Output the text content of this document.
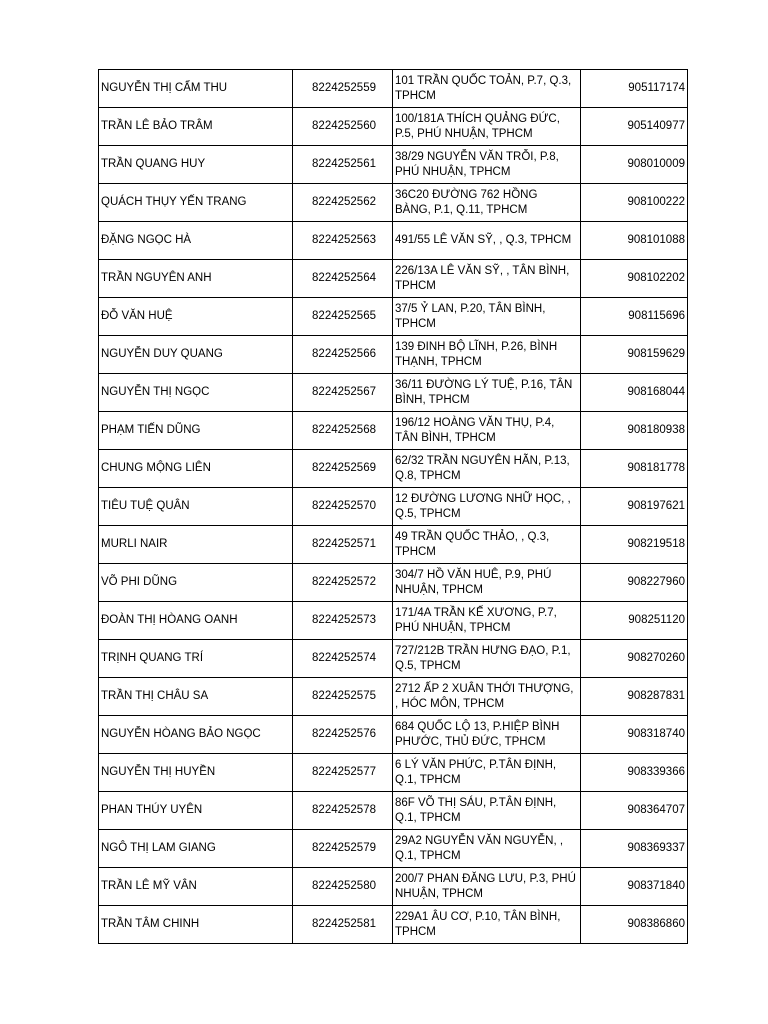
NGUYỄN THỊ CẨM THU	8224252559	101 TRẦN QUỐC TOẢN, P.7, Q.3, TPHCM	905117174
TRẦN LÊ BẢO TRÂM	8224252560	100/181A THÍCH QUẢNG ĐỨC, P.5, PHÚ NHUẬN, TPHCM	905140977
TRẦN QUANG HUY	8224252561	38/29 NGUYỄN VĂN TRỖI, P.8, PHÚ NHUẬN, TPHCM	908010009
QUÁCH THỤY YẾN TRANG	8224252562	36C20 ĐƯỜNG 762 HỒNG BÀNG, P.1, Q.11, TPHCM	908100222
ĐẶNG NGỌC HÀ	8224252563	491/55 LÊ VĂN SỸ, , Q.3, TPHCM	908101088
TRẦN NGUYÊN ANH	8224252564	226/13A LÊ VĂN SỸ, , TÂN BÌNH, TPHCM	908102202
ĐỖ VĂN HUỆ	8224252565	37/5 Ỷ LAN, P.20, TÂN BÌNH, TPHCM	908115696
NGUYỄN DUY QUANG	8224252566	139 ĐINH BỘ LĨNH, P.26, BÌNH THẠNH, TPHCM	908159629
NGUYỄN THỊ NGỌC	8224252567	36/11 ĐƯỜNG LÝ TUỆ, P.16, TÂN BÌNH, TPHCM	908168044
PHẠM TIẾN DŨNG	8224252568	196/12 HOÀNG VĂN THỤ, P.4, TÂN BÌNH, TPHCM	908180938
CHUNG MỘNG LIÊN	8224252569	62/32 TRẦN NGUYÊN HÃN, P.13, Q.8, TPHCM	908181778
TIÊU TUỆ QUÂN	8224252570	12 ĐƯỜNG LƯƠNG NHỮ HỌC, , Q.5, TPHCM	908197621
MURLI NAIR	8224252571	49 TRẦN QUỐC THẢO, , Q.3, TPHCM	908219518
VÕ PHI DŨNG	8224252572	304/7 HỒ VĂN HUÊ, P.9, PHÚ NHUẬN, TPHCM	908227960
ĐOÀN THỊ HÒANG OANH	8224252573	171/4A TRẦN KẾ XƯƠNG, P.7, PHÚ NHUẬN, TPHCM	908251120
TRỊNH QUANG TRÍ	8224252574	727/212B TRẦN HƯNG ĐẠO, P.1, Q.5, TPHCM	908270260
TRẦN THỊ CHÂU SA	8224252575	2712 ẤP 2 XUÂN THỚI THƯỢNG, , HÓC MÔN, TPHCM	908287831
NGUYỄN HÒANG BẢO NGỌC	8224252576	684 QUỐC LỘ 13, P.HIỆP BÌNH PHƯỚC, THỦ ĐỨC, TPHCM	908318740
NGUYỄN THỊ HUYỀN	8224252577	6 LÝ VĂN PHỨC, P.TÂN ĐỊNH, Q.1, TPHCM	908339366
PHAN THÚY UYÊN	8224252578	86F VÕ THỊ SÁU, P.TÂN ĐỊNH, Q.1, TPHCM	908364707
NGÔ THỊ LAM GIANG	8224252579	29A2 NGUYỄN VĂN NGUYỄN, , Q.1, TPHCM	908369337
TRẦN LÊ MỸ VÂN	8224252580	200/7 PHAN ĐĂNG LƯU, P.3, PHÚ NHUẬN, TPHCM	908371840
TRẦN TÂM CHINH	8224252581	229A1 ÂU CƠ, P.10, TÂN BÌNH, TPHCM	908386860
